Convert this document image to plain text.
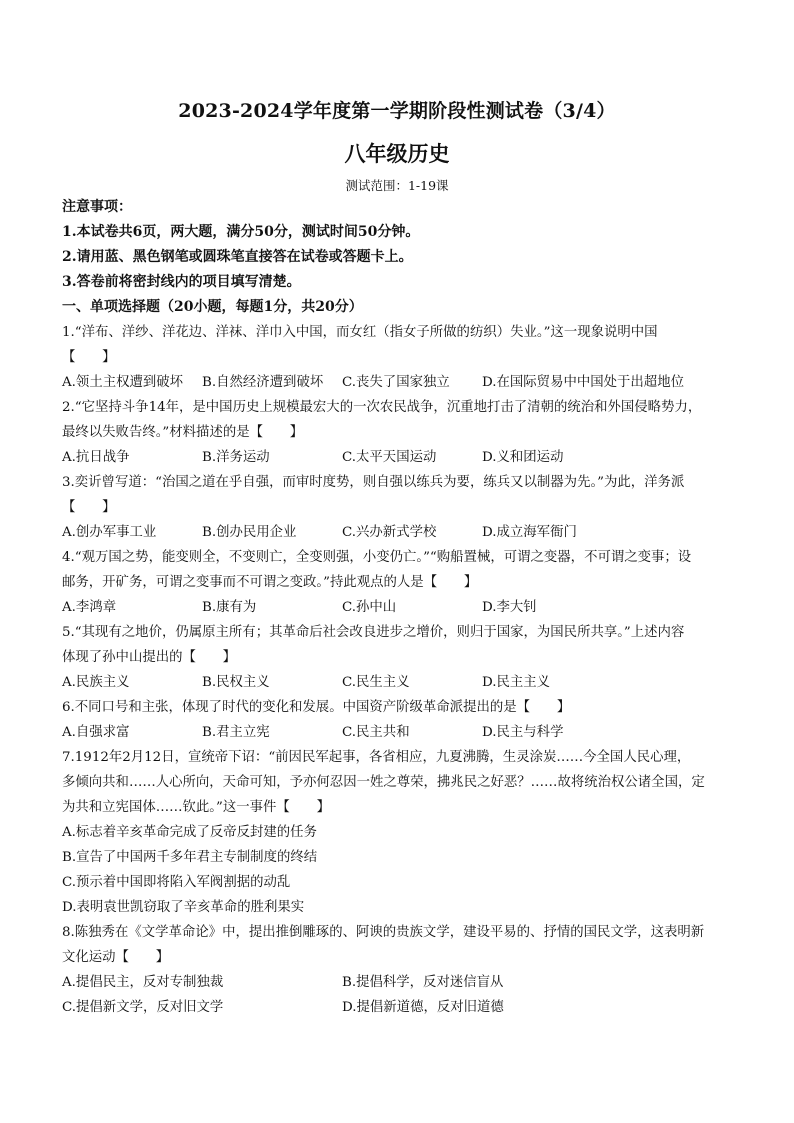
2023-2024学年度第一学期阶段性测试卷（3/4）
八年级历史
测试范围：1-19课
注意事项：
1.本试卷共6页，两大题，满分50分，测试时间50分钟。
2.请用蓝、黑色钢笔或圆珠笔直接答在试卷或答题卡上。
3.答卷前将密封线内的项目填写清楚。
一、单项选择题（20小题，每题1分，共20分）
1.“洋布、洋纱、洋花边、洋袜、洋巾入中国，而女红（指女子所做的纺织）失业。”这一现象说明中国
【　　】
A.领土主权遭到破坏	B.自然经济遭到破坏	C.丧失了国家独立	D.在国际贸易中中国处于出超地位
2.“它坚持斗争14年，是中国历史上规模最宏大的一次农民战争，沉重地打击了清朝的统治和外国侵略势力，
最终以失败告终。”材料描述的是【　　】
A.抗日战争	B.洋务运动	C.太平天国运动	D.义和团运动
3.奕䜣曾写道：“治国之道在乎自强，而审时度势，则自强以练兵为要，练兵又以制器为先。”为此，洋务派
【　　】
A.创办军事工业	B.创办民用企业	C.兴办新式学校	D.成立海军衙门
4.“观万国之势，能变则全，不变则亡，全变则强，小变仍亡。”“购船置械，可谓之变器，不可谓之变事；设
邮务，开矿务，可谓之变事而不可谓之变政。”持此观点的人是【　　】
A.李鸿章	B.康有为	C.孙中山	D.李大钊
5.“其现有之地价，仍属原主所有；其革命后社会改良进步之增价，则归于国家，为国民所共享。”上述内容
体现了孙中山提出的【　　】
A.民族主义	B.民权主义	C.民生主义	D.民主主义
6.不同口号和主张，体现了时代的变化和发展。中国资产阶级革命派提出的是【　　】
A.自强求富	B.君主立宪	C.民主共和	D.民主与科学
7.1912年2月12日，宣统帝下诏：“前因民军起事，各省相应，九夏沸腾，生灵涂炭……今全国人民心理，
多倾向共和……人心所向，天命可知，予亦何忍因一姓之尊荣，拂兆民之好恶？……故将统治权公诸全国，定
为共和立宪国体……钦此。”这一事件【　　】
A.标志着辛亥革命完成了反帝反封建的任务
B.宣告了中国两千多年君主专制制度的终结
C.预示着中国即将陷入军阀割据的动乱
D.表明袁世凯窃取了辛亥革命的胜利果实
8.陈独秀在《文学革命论》中，提出推倒雕琢的、阿谀的贵族文学，建设平易的、抒情的国民文学，这表明新
文化运动【　　】
A.提倡民主，反对专制独裁	B.提倡科学，反对迷信盲从
C.提倡新文学，反对旧文学	D.提倡新道德，反对旧道德
